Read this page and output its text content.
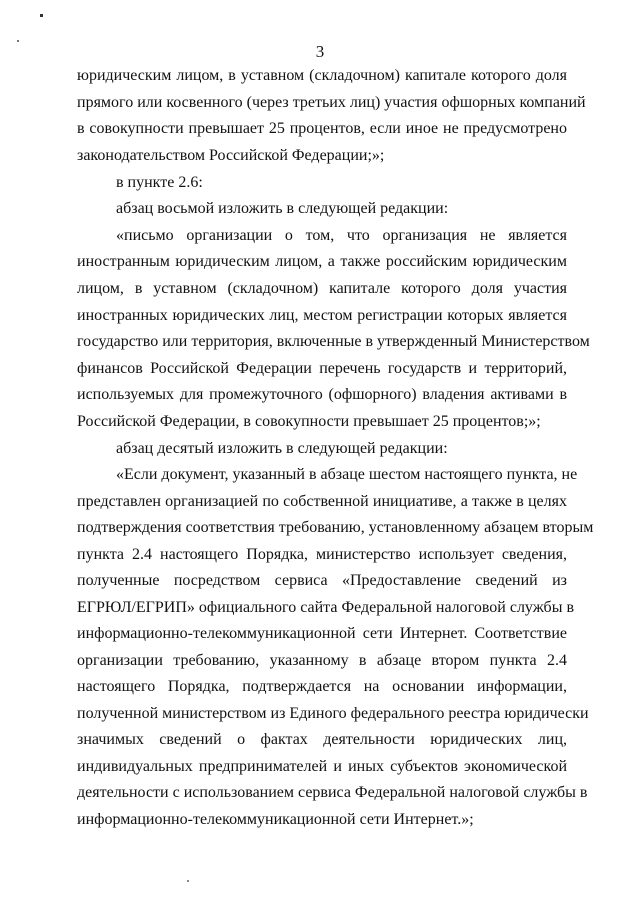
3
юридическим лицом, в уставном (складочном) капитале которого доля
прямого или косвенного (через третьих лиц) участия офшорных компаний
в совокупности превышает 25 процентов, если иное не предусмотрено
законодательством Российской Федерации;»;
в пункте 2.6:
абзац восьмой изложить в следующей редакции:
«письмо организации о том, что организация не является
иностранным юридическим лицом, а также российским юридическим
лицом, в уставном (складочном) капитале которого доля участия
иностранных юридических лиц, местом регистрации которых является
государство или территория, включенные в утвержденный Министерством
финансов Российской Федерации перечень государств и территорий,
используемых для промежуточного (офшорного) владения активами в
Российской Федерации, в совокупности превышает 25 процентов;»;
абзац десятый изложить в следующей редакции:
«Если документ, указанный в абзаце шестом настоящего пункта, не
представлен организацией по собственной инициативе, а также в целях
подтверждения соответствия требованию, установленному абзацем вторым
пункта 2.4 настоящего Порядка, министерство использует сведения,
полученные посредством сервиса «Предоставление сведений из
ЕГРЮЛ/ЕГРИП» официального сайта Федеральной налоговой службы в
информационно-телекоммуникационной сети Интернет. Соответствие
организации требованию, указанному в абзаце втором пункта 2.4
настоящего Порядка, подтверждается на основании информации,
полученной министерством из Единого федерального реестра юридически
значимых сведений о фактах деятельности юридических лиц,
индивидуальных предпринимателей и иных субъектов экономической
деятельности с использованием сервиса Федеральной налоговой службы в
информационно-телекоммуникационной сети Интернет.»;
